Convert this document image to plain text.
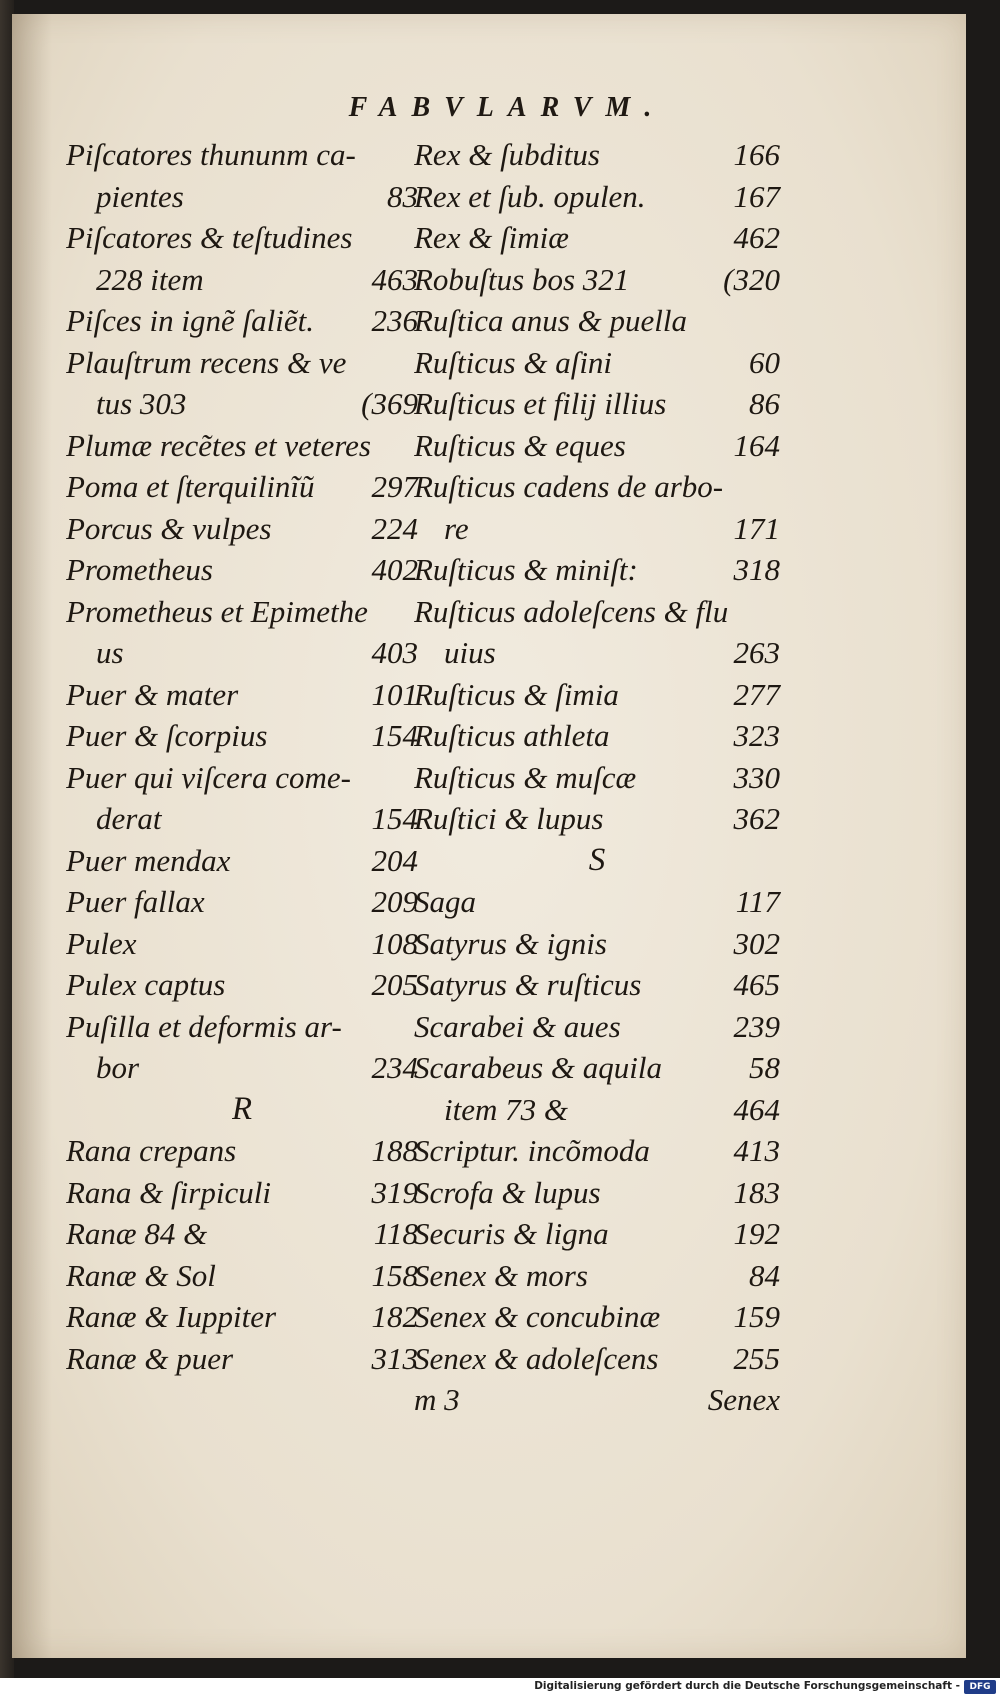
FABVLARVM.
Piſcatores thununm ca-
pientes	83
Piſcatores & teſtudines
228 item	463
Piſces in ignẽ ſaliẽt.	236
Plauſtrum recens & ve
tus 303	(369
Plumæ recẽtes et veteres
Poma et ſterquilinĩũ	297
Porcus & vulpes	224
Prometheus	402
Prometheus et Epimethe
us	403
Puer & mater	101
Puer & ſcorpius	154
Puer qui viſcera come-
derat	154
Puer mendax	204
Puer fallax	209
Pulex	108
Pulex captus	205
Puſilla et deformis ar-
bor	234
R
Rana crepans	188
Rana & ſirpiculi	319
Ranæ 84 &	118
Ranæ & Sol	158
Ranæ & Iuppiter	182
Ranæ & puer	313
Rex & ſubditus	166
Rex et ſub. opulen.	167
Rex & ſimiæ	462
Robuſtus bos 321	(320
Ruſtica anus & puella
Ruſticus & aſini	60
Ruſticus et filij illius	86
Ruſticus & eques	164
Ruſticus cadens de arbo-
re	171
Ruſticus & miniſt:	318
Ruſticus adoleſcens & flu
uius	263
Ruſticus & ſimia	277
Ruſticus athleta	323
Ruſticus & muſcæ	330
Ruſtici & lupus	362
S
Saga	117
Satyrus & ignis	302
Satyrus & ruſticus	465
Scarabei & aues	239
Scarabeus & aquila	58
item 73 &	464
Scriptur. incõmoda	413
Scrofa & lupus	183
Securis & ligna	192
Senex & mors	84
Senex & concubinæ	159
Senex & adoleſcens	255
m 3	Senex
Digitalisierung gefördert durch die Deutsche Forschungsgemeinschaft -	DFG
